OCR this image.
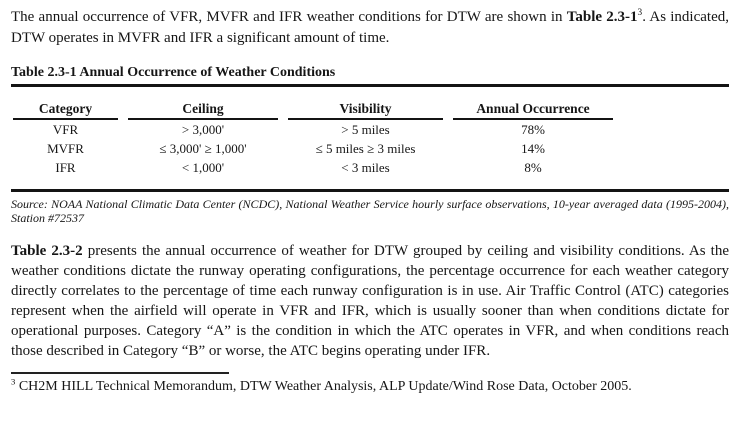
The annual occurrence of VFR, MVFR and IFR weather conditions for DTW are shown in Table $2.3-1^3$. As indicated, DTW operates in MVFR and IFR a significant amount of time.

Table 2.3-1 Annual Occurrence of Weather Conditions
Category	Ceiling	Visibility	Annual Occurrence
VFR	> 3,000'	> 5 miles	78%
MVFR	≤ 3,000' ≥ 1,000'	≤ 5 miles ≥ 3 miles	14%
IFR	< 1,000'	< 3 miles	8%

Source: NOAA National Climatic Data Center (NCDC), National Weather Service hourly surface observations, 10-year averaged data (1995-2004), Station #72537

Table 2.3-2 presents the annual occurrence of weather for DTW grouped by ceiling and visibility conditions. As the weather conditions dictate the runway operating configurations, the percentage occurrence for each weather category directly correlates to the percentage of time each runway configuration is in use. Air Traffic Control (ATC) categories represent when the airfield will operate in VFR and IFR, which is usually sooner than when conditions dictate for operational purposes. Category “A” is the condition in which the ATC operates in VFR, and when conditions reach those described in Category “B” or worse, the ATC begins operating under IFR.

$^3$ CH2M HILL Technical Memorandum, DTW Weather Analysis, ALP Update/Wind Rose Data, October 2005.
